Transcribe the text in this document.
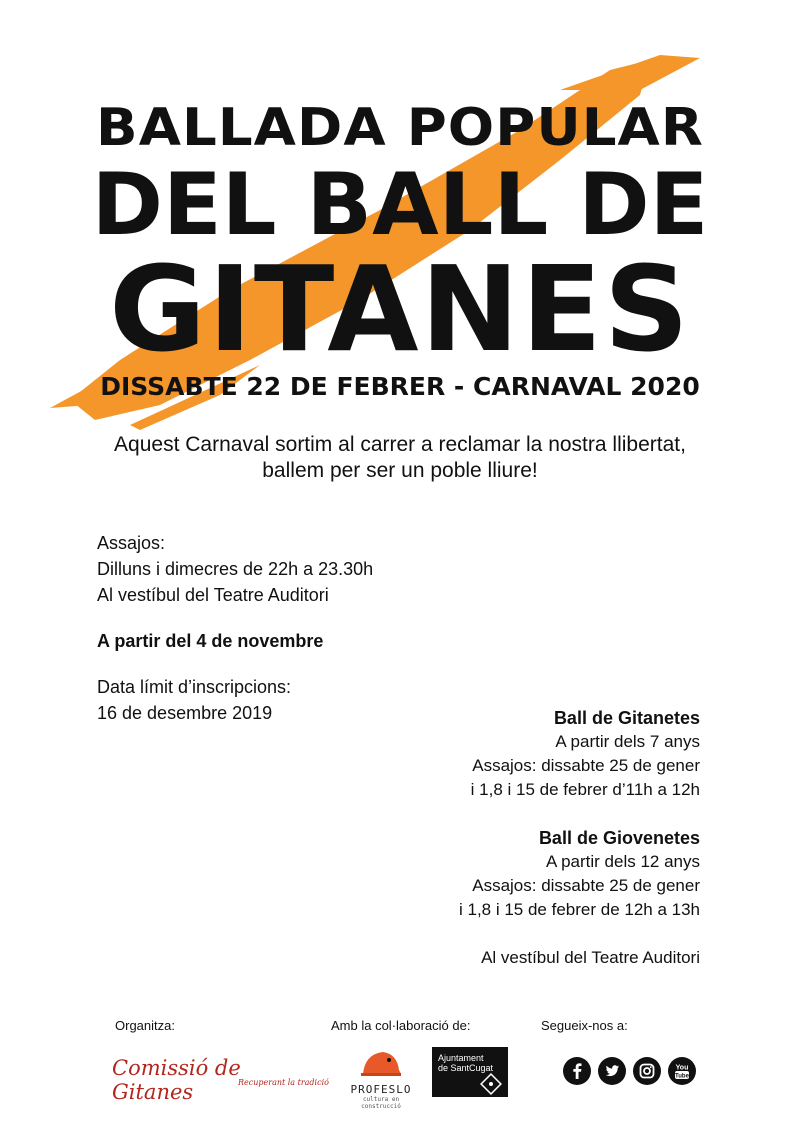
BALLADA POPULAR
DEL BALL DE
GITANES
DISSABTE 22 DE FEBRER - CARNAVAL 2020
Aquest Carnaval sortim al carrer a reclamar la nostra llibertat,
ballem per ser un poble lliure!
Assajos:
Dilluns i dimecres de 22h a 23.30h
Al vestíbul del Teatre Auditori
A partir del 4 de novembre
Data límit d’inscripcions:
16 de desembre 2019	Ball de Gitanetes
A partir dels 7 anys
Assajos: dissabte 25 de gener
i 1,8 i 15 de febrer d’11h a 12h
Ball de Giovenetes
A partir dels 12 anys
Assajos: dissabte 25 de gener
i 1,8 i 15 de febrer de 12h a 13h
Al vestíbul del Teatre Auditori
Organitza:	Amb la col·laboració de:	Segueix-nos a:
Comissió de Gitanes	Recuperant la tradició
PROFESLO
cultura en construcció
Ajuntament
de SantCugat	You
Tube
